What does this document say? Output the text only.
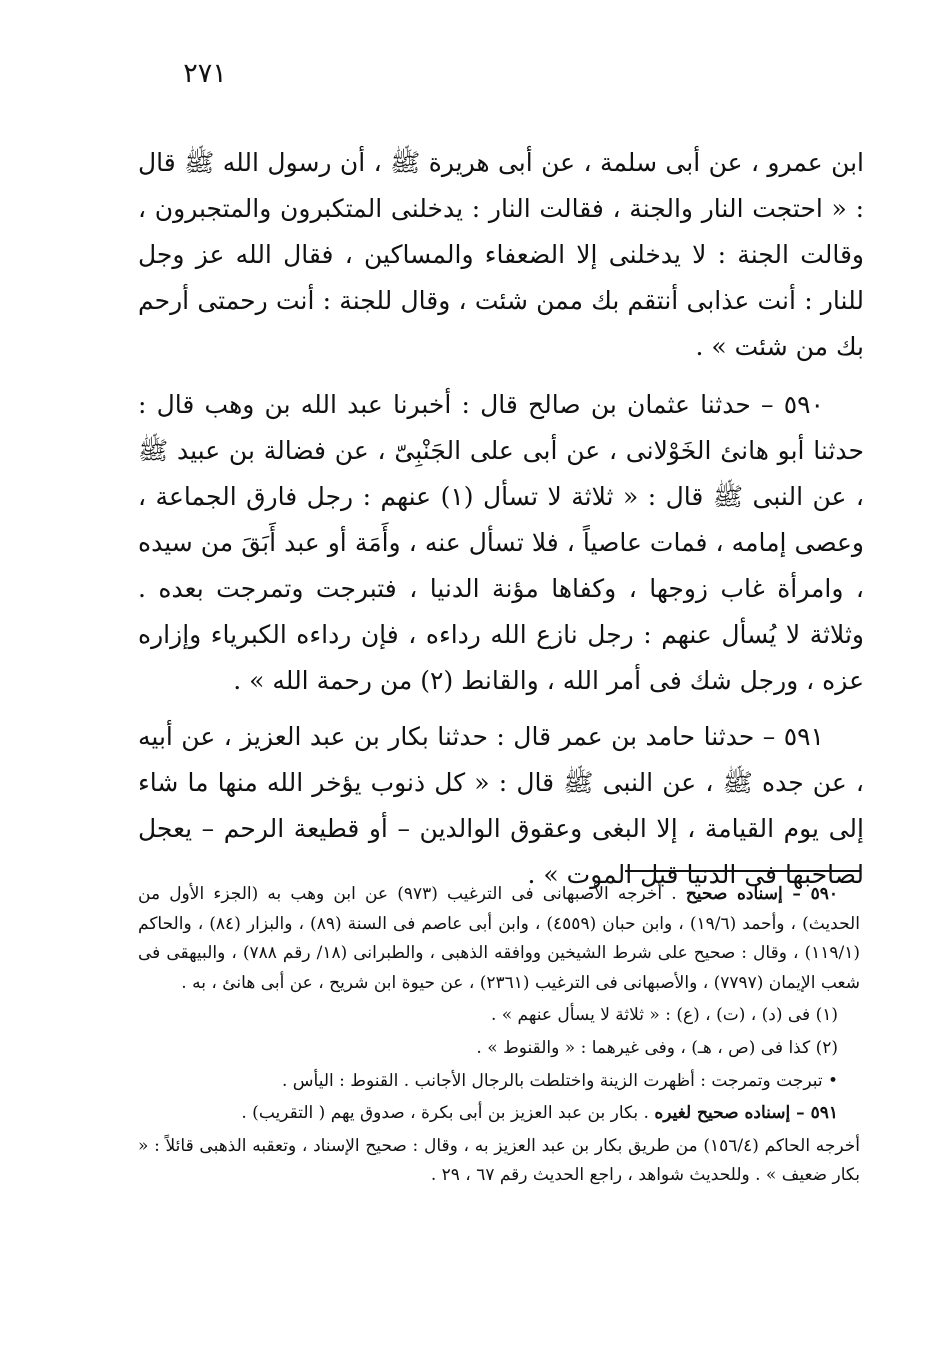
٢٧١

ابن عمرو ، عن أبى سلمة ، عن أبى هريرة ﷺ ، أن رسول الله ﷺ قال : « احتجت النار والجنة ، فقالت النار : يدخلنى المتكبرون والمتجبرون ، وقالت الجنة : لا يدخلنى إلا الضعفاء والمساكين ، فقال الله عز وجل للنار : أنت عذابى أنتقم بك ممن شئت ، وقال للجنة : أنت رحمتى أرحم بك من شئت » .

٥٩٠ – حدثنا عثمان بن صالح قال : أخبرنا عبد الله بن وهب قال : حدثنا أبو هانئ الخَوْلانى ، عن أبى على الجَنْبِىّ ، عن فضالة بن عبيد ﷺ ، عن النبى ﷺ قال : « ثلاثة لا تسأل (١) عنهم : رجل فارق الجماعة ، وعصى إمامه ، فمات عاصياً ، فلا تسأل عنه ، وأَمَة أو عبد أَبَقَ من سيده ، وامرأة غاب زوجها ، وكفاها مؤنة الدنيا ، فتبرجت وتمرجت بعده . وثلاثة لا يُسأل عنهم : رجل نازع الله رداءه ، فإن رداءه الكبرياء وإزاره عزه ، ورجل شك فى أمر الله ، والقانط (٢) من رحمة الله » .

٥٩١ – حدثنا حامد بن عمر قال : حدثنا بكار بن عبد العزيز ، عن أبيه ، عن جده ﷺ ، عن النبى ﷺ قال : « كل ذنوب يؤخر الله منها ما شاء إلى يوم القيامة ، إلا البغى وعقوق الوالدين – أو قطيعة الرحم – يعجل لصاحبها فى الدنيا قبل الموت » .

٥٩٠ – إسناده صحيح . أخرجه الأصبهانى فى الترغيب (٩٧٣) عن ابن وهب به (الجزء الأول من الحديث) ، وأحمد (١٩/٦) ، وابن حبان (٤٥٥٩) ، وابن أبى عاصم فى السنة (٨٩) ، والبزار (٨٤) ، والحاكم (١١٩/١) ، وقال : صحيح على شرط الشيخين ووافقه الذهبى ، والطبرانى (١٨/ رقم ٧٨٨) ، والبيهقى فى شعب الإيمان (٧٧٩٧) ، والأصبهانى فى الترغيب (٢٣٦١) ، عن حيوة ابن شريح ، عن أبى هانئ ، به .

(١) فى (د) ، (ت) ، (ع) : « ثلاثة لا يسأل عنهم » .

(٢) كذا فى (ص ، هـ) ، وفى غيرهما : « والقنوط » .

• تبرجت وتمرجت : أظهرت الزينة واختلطت بالرجال الأجانب . القنوط : اليأس .

٥٩١ – إسناده صحيح لغيره . بكار بن عبد العزيز بن أبى بكرة ، صدوق يهم ( التقريب) .

أخرجه الحاكم (١٥٦/٤) من طريق بكار بن عبد العزيز به ، وقال : صحيح الإسناد ، وتعقبه الذهبى قائلاً : « بكار ضعيف » . وللحديث شواهد ، راجع الحديث رقم ٦٧ ، ٢٩ .
